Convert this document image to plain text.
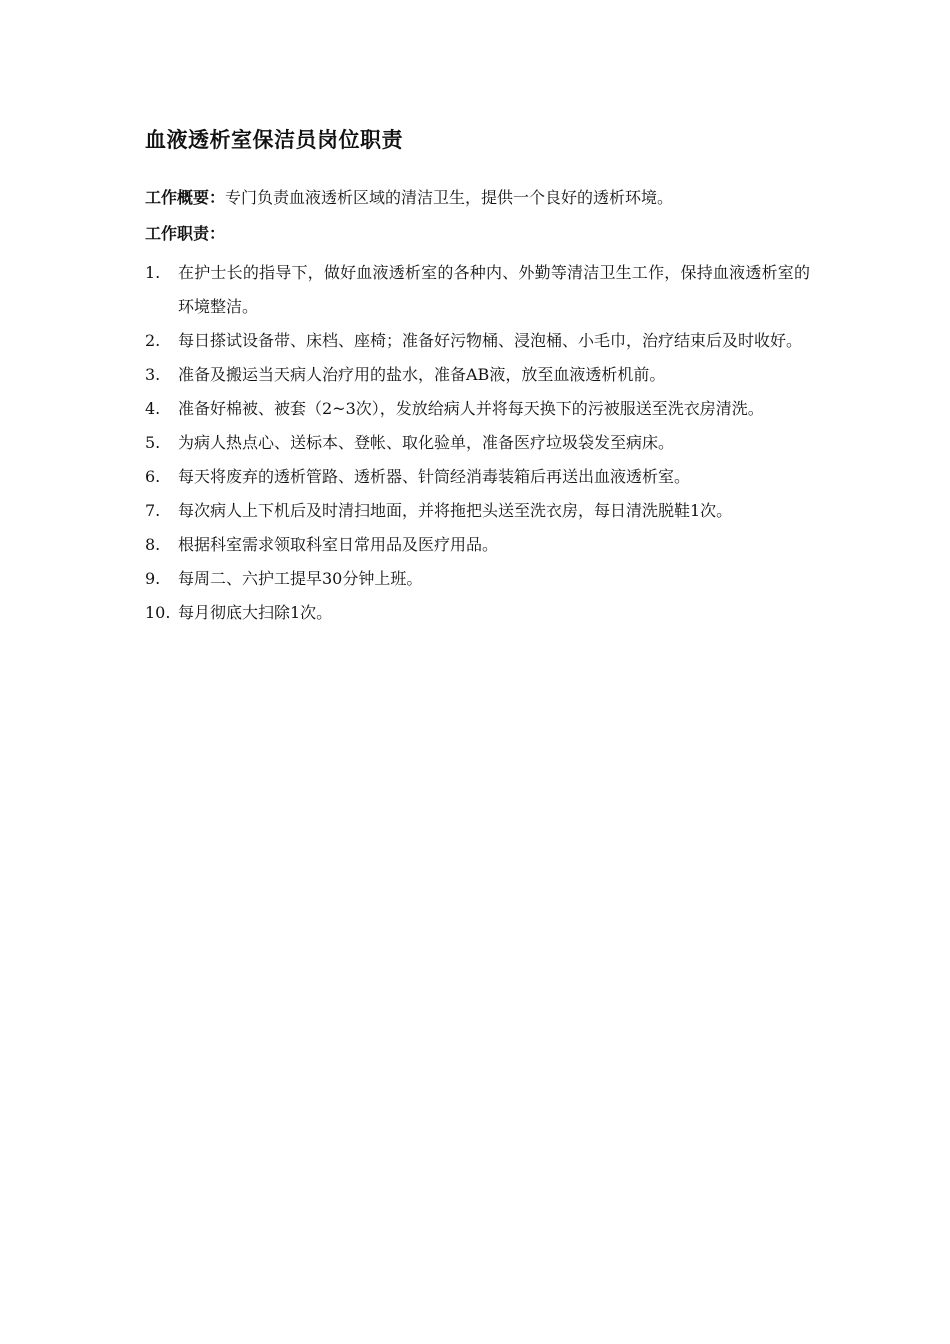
血液透析室保洁员岗位职责
工作概要：专门负责血液透析区域的清洁卫生，提供一个良好的透析环境。
工作职责：
1.	在护士长的指导下，做好血液透析室的各种内、外勤等清洁卫生工作，保持血液透析室的环境整洁。
2.	每日搽试设备带、床档、座椅；准备好污物桶、浸泡桶、小毛巾，治疗结束后及时收好。
3.	准备及搬运当天病人治疗用的盐水，准备AB液，放至血液透析机前。
4.	准备好棉被、被套（2~3次），发放给病人并将每天换下的污被服送至洗衣房清洗。
5.	为病人热点心、送标本、登帐、取化验单，准备医疗垃圾袋发至病床。
6.	每天将废弃的透析管路、透析器、针筒经消毒装箱后再送出血液透析室。
7.	每次病人上下机后及时清扫地面，并将拖把头送至洗衣房，每日清洗脱鞋1次。
8.	根据科室需求领取科室日常用品及医疗用品。
9.	每周二、六护工提早30分钟上班。
10. 每月彻底大扫除1次。
